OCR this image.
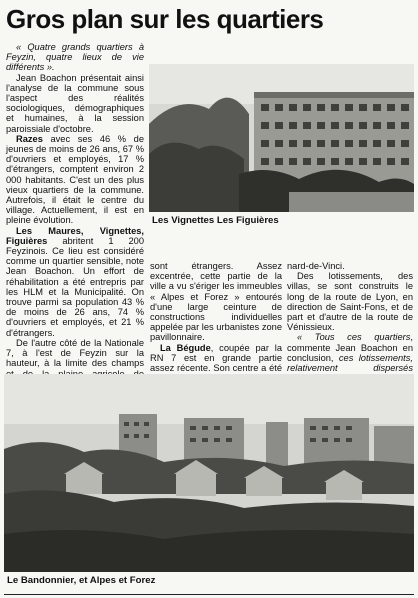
Gros plan sur les quartiers

« Quatre grands quartiers à Feyzin, quatre lieux de vie différents ».

Jean Boachon présentait ainsi l'analyse de la commune sous l'aspect des réalités sociologiques, démographiques et humaines, à la session paroissiale d'octobre.

Razes avec ses 46 % de jeunes de moins de 26 ans, 67 % d'ouvriers et employés, 17 % d'étrangers, comptent environ 2 000 habitants. C'est un des plus vieux quartiers de la commune. Autrefois, il était le centre du village. Actuellement, il est en pleine évolution.

Les Maures, Vignettes, Figuières abritent 1 200 Feyzinois. Ce lieu est considéré comme un quartier sensible, note Jean Boachon. Un effort de réhabilitation a été entrepris par les HLM et la Municipalité. On trouve parmi sa population 43 % de moins de 26 ans, 74 % d'ouvriers et employés, et 21 % d'étrangers.

De l'autre côté de la Nationale 7, à l'est de Feyzin sur la hauteur, à la limite des champs

Les Vignettes Les Figuières

sont étrangers. Assez excentrée, cette partie de la ville a vu s'ériger les immeubles « Alpes et Forez » entourés d'une large ceinture de constructions individuelles appelée par les urbanistes zone pavillonnaire.

La Bégude, coupée par la RN 7 est en grande partie assez récente. Son centre a été

nard-de-Vinci.

Des lotissements, des villas, se sont construits le long de la route de Lyon, en direction de Saint-Fons, et de part et d'autre de la route de Vénissieux.

« Tous ces quartiers, commente Jean Boachon en conclusion, ces lotissements, relativement dispersés

Le Bandonnier, et Alpes et Forez
